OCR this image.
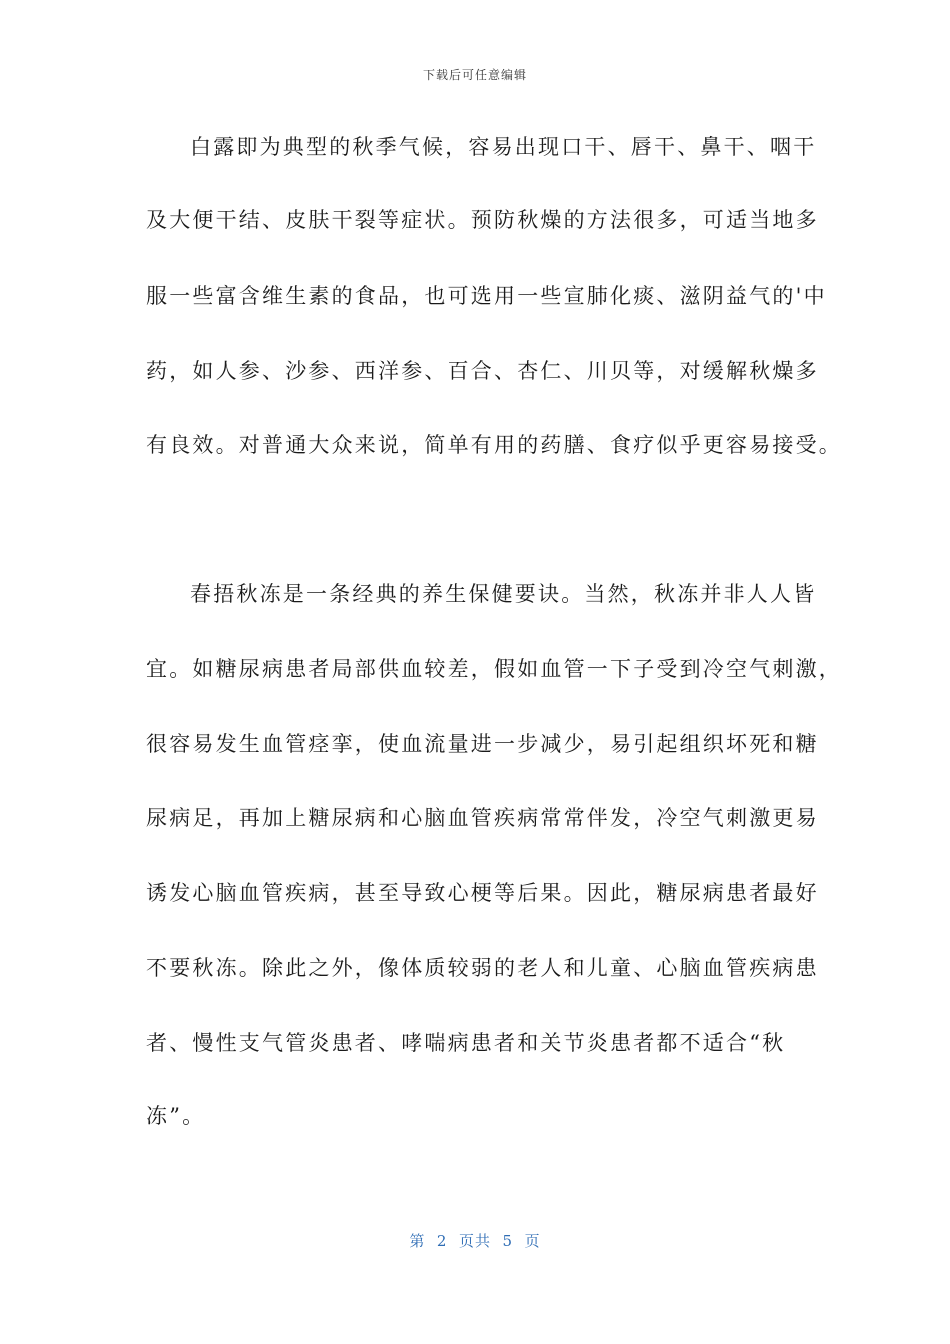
下载后可任意编辑
白露即为典型的秋季气候，容易出现口干、唇干、鼻干、咽干
及大便干结、皮肤干裂等症状。预防秋燥的方法很多，可适当地多
服一些富含维生素的食品，也可选用一些宣肺化痰、滋阴益气的'中
药，如人参、沙参、西洋参、百合、杏仁、川贝等，对缓解秋燥多
有良效。对普通大众来说，简单有用的药膳、食疗似乎更容易接受。
春捂秋冻是一条经典的养生保健要诀。当然，秋冻并非人人皆
宜。如糖尿病患者局部供血较差，假如血管一下子受到冷空气刺激，
很容易发生血管痉挛，使血流量进一步减少，易引起组织坏死和糖
尿病足，再加上糖尿病和心脑血管疾病常常伴发，冷空气刺激更易
诱发心脑血管疾病，甚至导致心梗等后果。因此，糖尿病患者最好
不要秋冻。除此之外，像体质较弱的老人和儿童、心脑血管疾病患
者、慢性支气管炎患者、哮喘病患者和关节炎患者都不适合“秋
冻”。
第  2  页共  5  页
